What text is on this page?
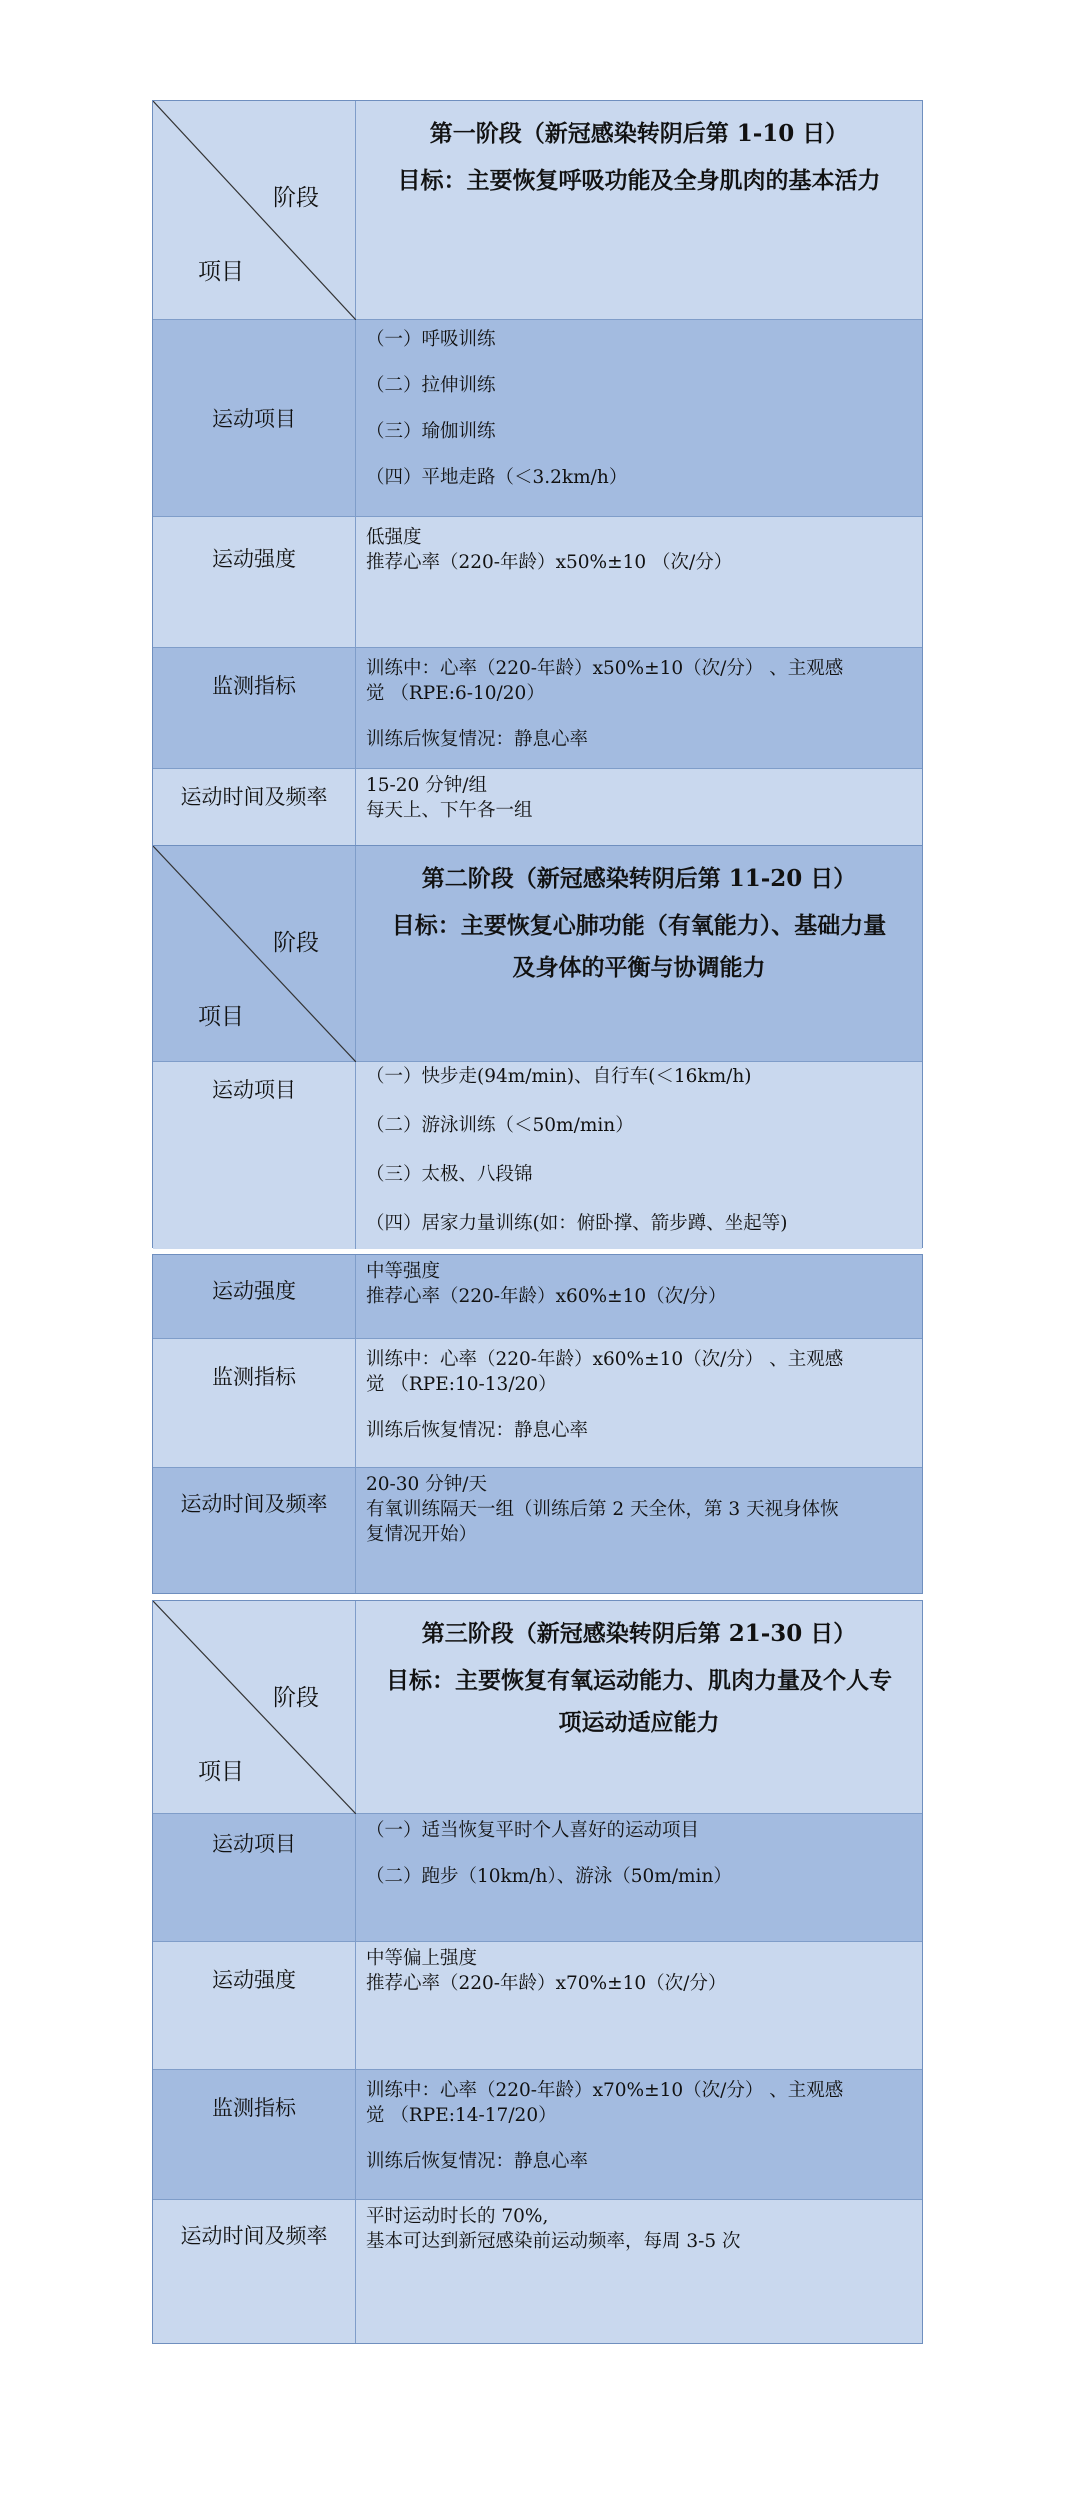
阶段
项目
第一阶段（新冠感染转阴后第 1-10 日）
目标：主要恢复呼吸功能及全身肌肉的基本活力
运动项目

（一）呼吸训练

（二）拉伸训练

（三）瑜伽训练

（四）平地走路（＜3.2km/h）

运动强度

低强度

推荐心率（220-年龄）x50%±10 （次/分）

监测指标

训练中：心率（220-年龄）x50%±10（次/分） 、主观感

觉 （RPE:6-10/20）

训练后恢复情况：静息心率

运动时间及频率	15-20 分钟/组

每天上、下午各一组

阶段
项目
第二阶段（新冠感染转阴后第 11-20 日）
目标：主要恢复心肺功能（有氧能力）、基础力量
及身体的平衡与协调能力
运动项目

（一）快步走(94m/min)、自行车(＜16km/h)

（二）游泳训练（＜50m/min）

（三）太极、八段锦

（四）居家力量训练(如：俯卧撑、箭步蹲、坐起等)

运动强度

中等强度

推荐心率（220-年龄）x60%±10（次/分）

监测指标

训练中：心率（220-年龄）x60%±10（次/分） 、主观感

觉 （RPE:10-13/20）

训练后恢复情况：静息心率

运动时间及频率

20-30 分钟/天

有氧训练隔天一组（训练后第 2 天全休，第 3 天视身体恢

复情况开始）

阶段
项目
第三阶段（新冠感染转阴后第 21-30 日）
目标：主要恢复有氧运动能力、肌肉力量及个人专
项运动适应能力
运动项目

（一）适当恢复平时个人喜好的运动项目

（二）跑步（10km/h）、游泳（50m/min）

运动强度

中等偏上强度

推荐心率（220-年龄）x70%±10（次/分）

监测指标

训练中：心率（220-年龄）x70%±10（次/分） 、主观感

觉 （RPE:14-17/20）

训练后恢复情况：静息心率

运动时间及频率

平时运动时长的 70%,

基本可达到新冠感染前运动频率，每周 3-5 次
